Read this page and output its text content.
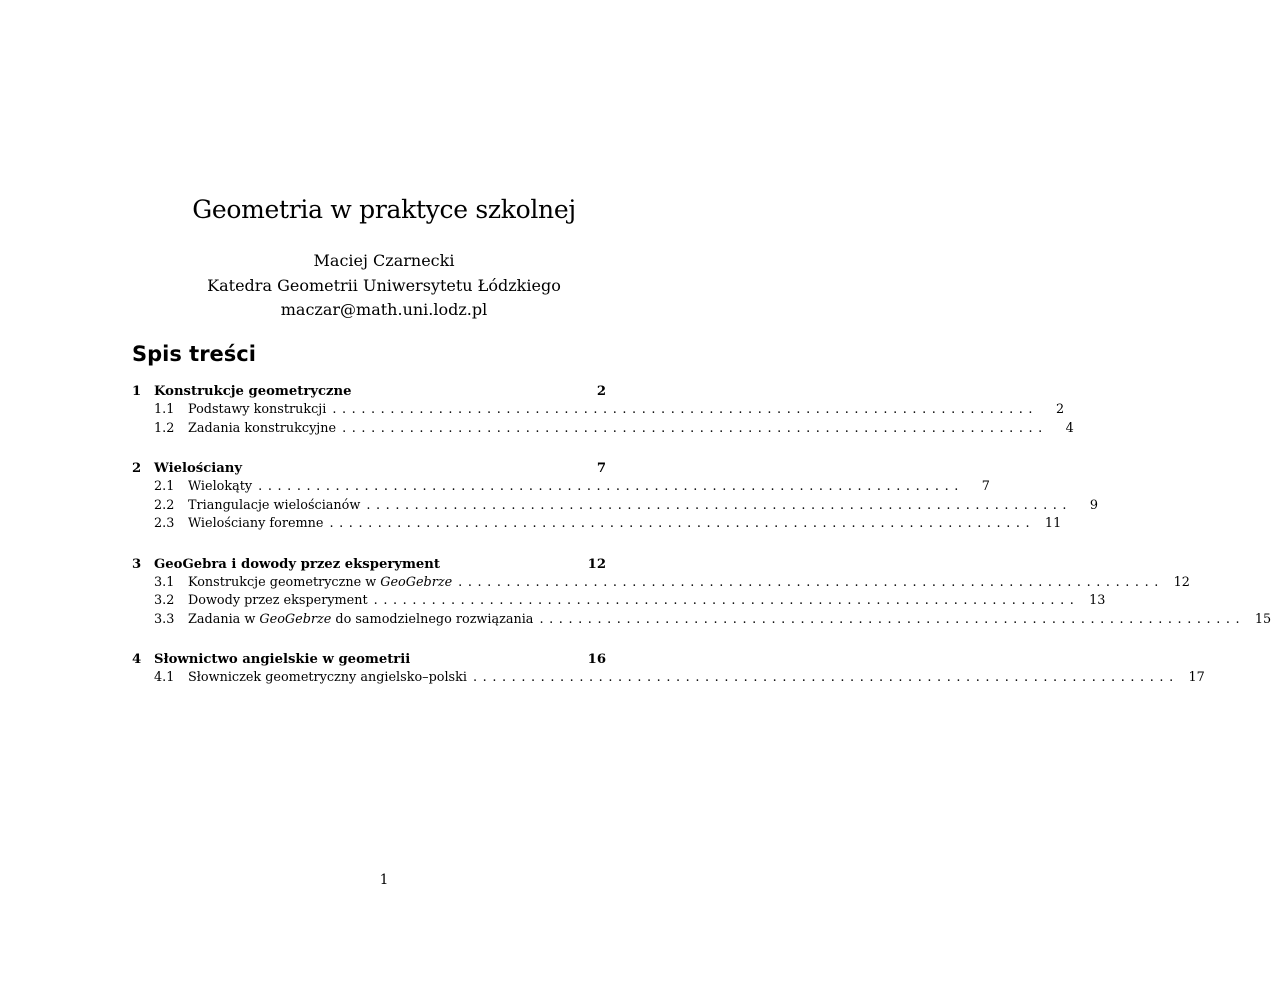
Geometria w praktyce szkolnej
Maciej Czarnecki
Katedra Geometrii Uniwersytetu Łódzkiego
maczar@math.uni.lodz.pl
Spis treści
1 Konstrukcje geometryczne	2
1.1	Podstawy konstrukcji .........................................................................	2
1.2	Zadania konstrukcyjne .........................................................................	4
2 Wielościany	7
2.1	Wielokąty .........................................................................	7
2.2	Triangulacje wielościanów .........................................................................	9
2.3	Wielościany foremne ......................................................................... 11
3 GeoGebra i dowody przez eksperyment	12
3.1	Konstrukcje geometryczne w GeoGebrze ......................................................................... 12
3.2	Dowody przez eksperyment ......................................................................... 13
3.3	Zadania w GeoGebrze do samodzielnego rozwiązania ......................................................................... 15
4 Słownictwo angielskie w geometrii	16
4.1	Słowniczek geometryczny angielsko–polski ......................................................................... 17
1
